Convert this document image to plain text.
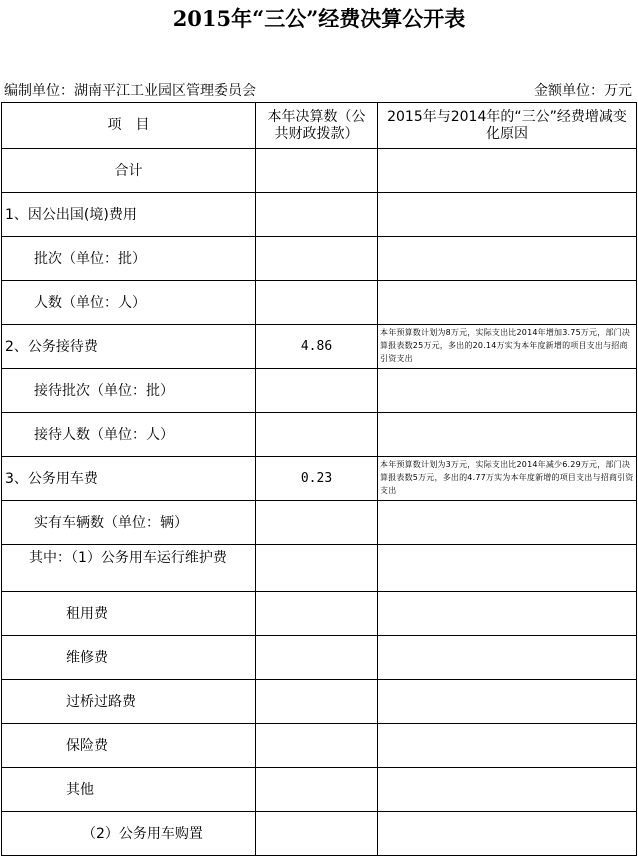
2015年“三公”经费决算公开表
编制单位：湖南平江工业园区管理委员会	金额单位：万元
项　目	本年决算数（公共财政拨款）	2015年与2014年的“三公”经费增减变化原因
合计		
1、因公出国(境)费用		
批次（单位：批）		
人数（单位：人）		
2、公务接待费	4.86	本年预算数计划为8万元，实际支出比2014年增加3.75万元，部门决算报表数25万元，多出的20.14万实为本年度新增的项目支出与招商引资支出
接待批次（单位：批）		
接待人数（单位：人）		
3、公务用车费	0.23	本年预算数计划为3万元，实际支出比2014年减少6.29万元，部门决算报表数5万元，多出的4.77万实为本年度新增的项目支出与招商引资支出
实有车辆数（单位：辆）		
其中：（1）公务用车运行维护费		
租用费		
维修费		
过桥过路费		
保险费		
其他		
（2）公务用车购置		
